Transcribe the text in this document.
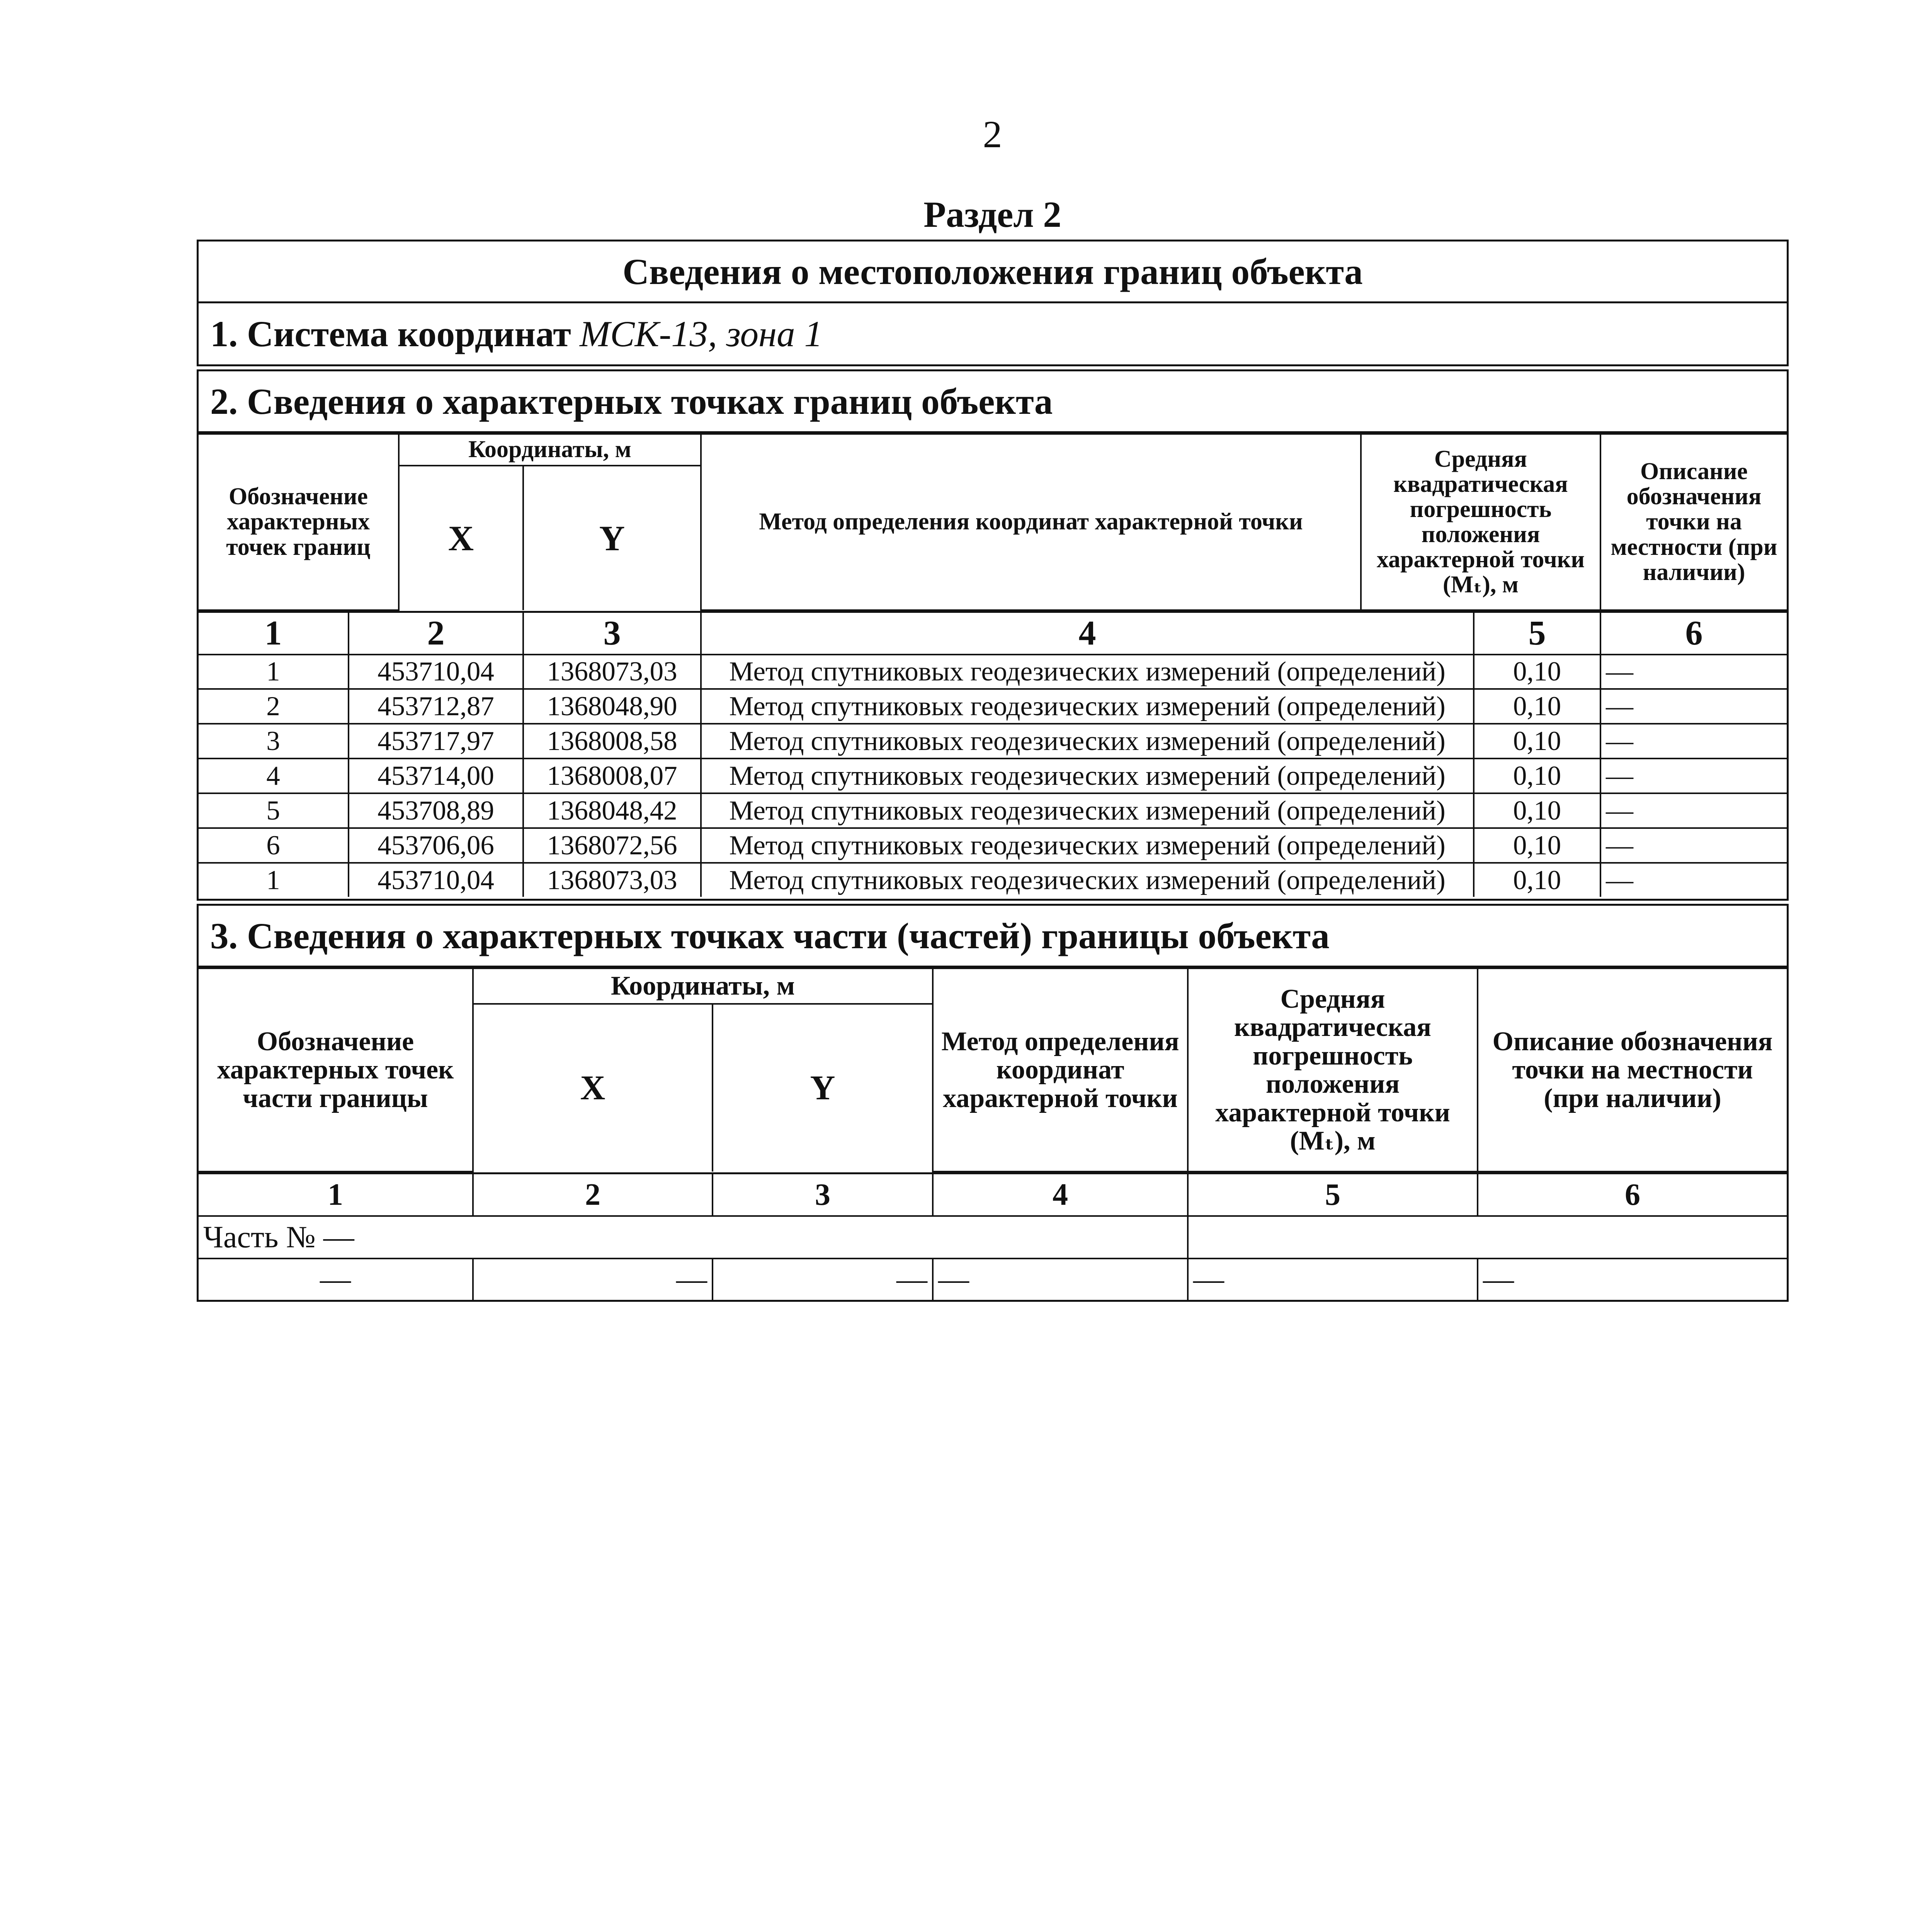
2
Раздел 2
Сведения о местоположения границ объекта
1. Система координат МСК-13, зона 1
2. Сведения о характерных точках границ объекта
Обозначение характерных точек границ	Координаты, м		Метод определения координат характерной точки	Средняя квадратическая погрешность положения характерной точки (Mₜ), м	Описание обозначения точки на местности (при наличии)
	X	Y			
1	2	3	4	5	6
1	453710,04	1368073,03	Метод спутниковых геодезических измерений (определений)	0,10	—
2	453712,87	1368048,90	Метод спутниковых геодезических измерений (определений)	0,10	—
3	453717,97	1368008,58	Метод спутниковых геодезических измерений (определений)	0,10	—
4	453714,00	1368008,07	Метод спутниковых геодезических измерений (определений)	0,10	—
5	453708,89	1368048,42	Метод спутниковых геодезических измерений (определений)	0,10	—
6	453706,06	1368072,56	Метод спутниковых геодезических измерений (определений)	0,10	—
1	453710,04	1368073,03	Метод спутниковых геодезических измерений (определений)	0,10	—
3. Сведения о характерных точках части (частей) границы объекта
Обозначение характерных точек части границы	Координаты, м		Метод определения координат характерной точки	Средняя квадратическая погрешность положения характерной точки (Mₜ), м	Описание обозначения точки на местности (при наличии)
	X	Y			
1	2	3	4	5	6
Часть № —					
—	—	—	—	—	—
